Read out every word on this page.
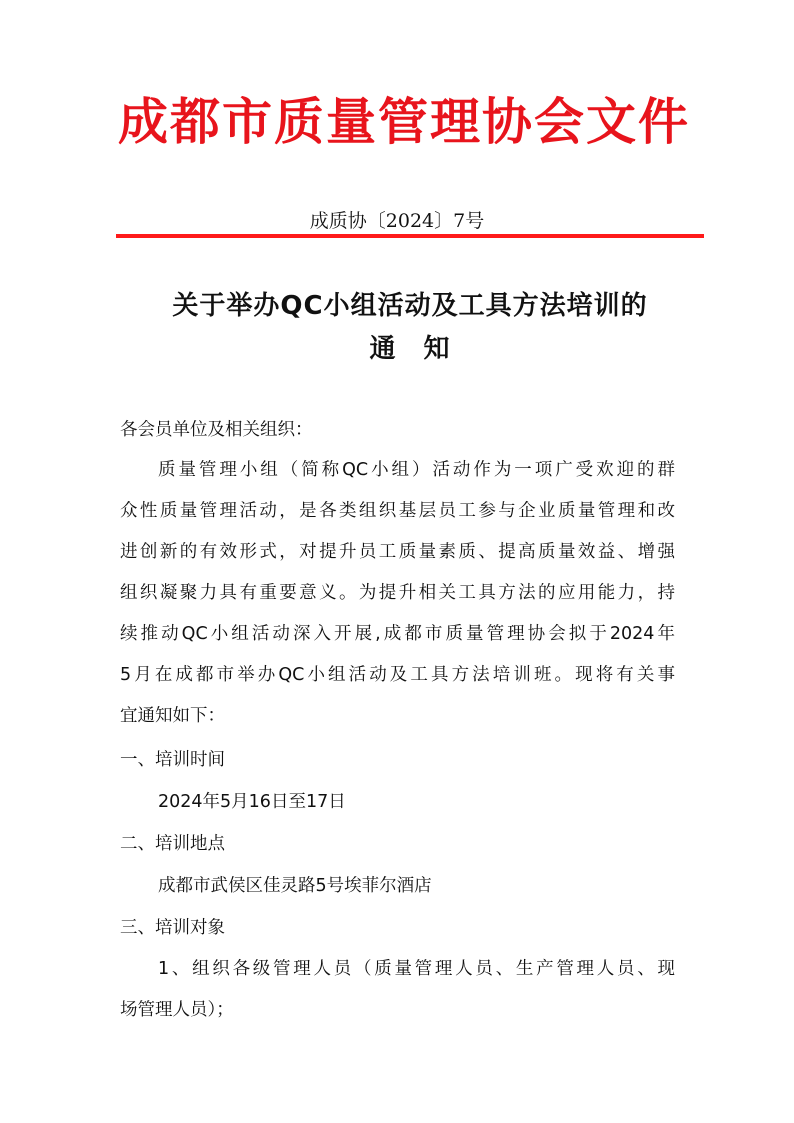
成都市质量管理协会文件
成质协〔2024〕7号
关于举办QC小组活动及工具方法培训的
通　知
各会员单位及相关组织：
质量管理小组（简称QC小组）活动作为一项广受欢迎的群
众性质量管理活动，是各类组织基层员工参与企业质量管理和改
进创新的有效形式，对提升员工质量素质、提高质量效益、增强
组织凝聚力具有重要意义。为提升相关工具方法的应用能力，持
续推动QC小组活动深入开展,成都市质量管理协会拟于2024年
5月在成都市举办QC小组活动及工具方法培训班。现将有关事
宜通知如下：
一、培训时间
2024年5月16日至17日
二、培训地点
成都市武侯区佳灵路5号埃菲尔酒店
三、培训对象
1、组织各级管理人员（质量管理人员、生产管理人员、现
场管理人员）；
